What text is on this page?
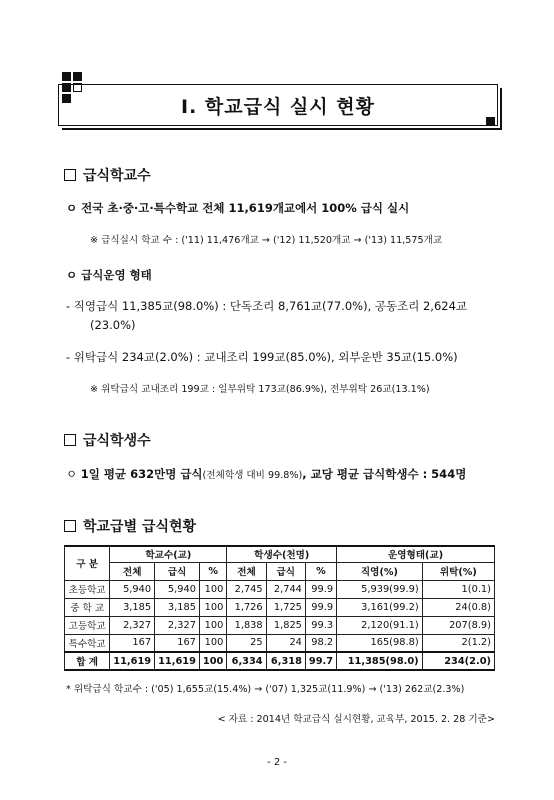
Ⅰ. 학교급식 실시 현황
급식학교수
ㅇ 전국 초·중·고·특수학교 전체 11,619개교에서 100% 급식 실시
※ 급식실시 학교 수 : ('11) 11,476개교 → ('12) 11,520개교 → ('13) 11,575개교
ㅇ 급식운영 형태
- 직영급식 11,385교(98.0%) : 단독조리 8,761교(77.0%), 공동조리 2,624교
(23.0%)
- 위탁급식 234교(2.0%) : 교내조리 199교(85.0%), 외부운반 35교(15.0%)
※ 위탁급식 교내조리 199교 : 일부위탁 173교(86.9%), 전부위탁 26교(13.1%)
급식학생수
ㅇ 1일 평균 632만명 급식(전체학생 대비 99.8%), 교당 평균 급식학생수 : 544명
학교급별 급식현황
구 분	학교수(교)			학생수(천명)			운영형태(교)	
	전체	급식	%	전체	급식	%	직영(%)	위탁(%)
초등학교	5,940	5,940	100	2,745	2,744	99.9	5,939(99.9)	1(0.1)
중 학 교	3,185	3,185	100	1,726	1,725	99.9	3,161(99.2)	24(0.8)
고등학교	2,327	2,327	100	1,838	1,825	99.3	2,120(91.1)	207(8.9)
특수학교	167	167	100	25	24	98.2	165(98.8)	2(1.2)
합 계	11,619	11,619	100	6,334	6,318	99.7	11,385(98.0)	234(2.0)
* 위탁급식 학교수 : ('05) 1,655교(15.4%) → ('07) 1,325교(11.9%) → ('13) 262교(2.3%)
< 자료 : 2014년 학교급식 실시현황, 교육부, 2015. 2. 28 기준>
- 2 -
